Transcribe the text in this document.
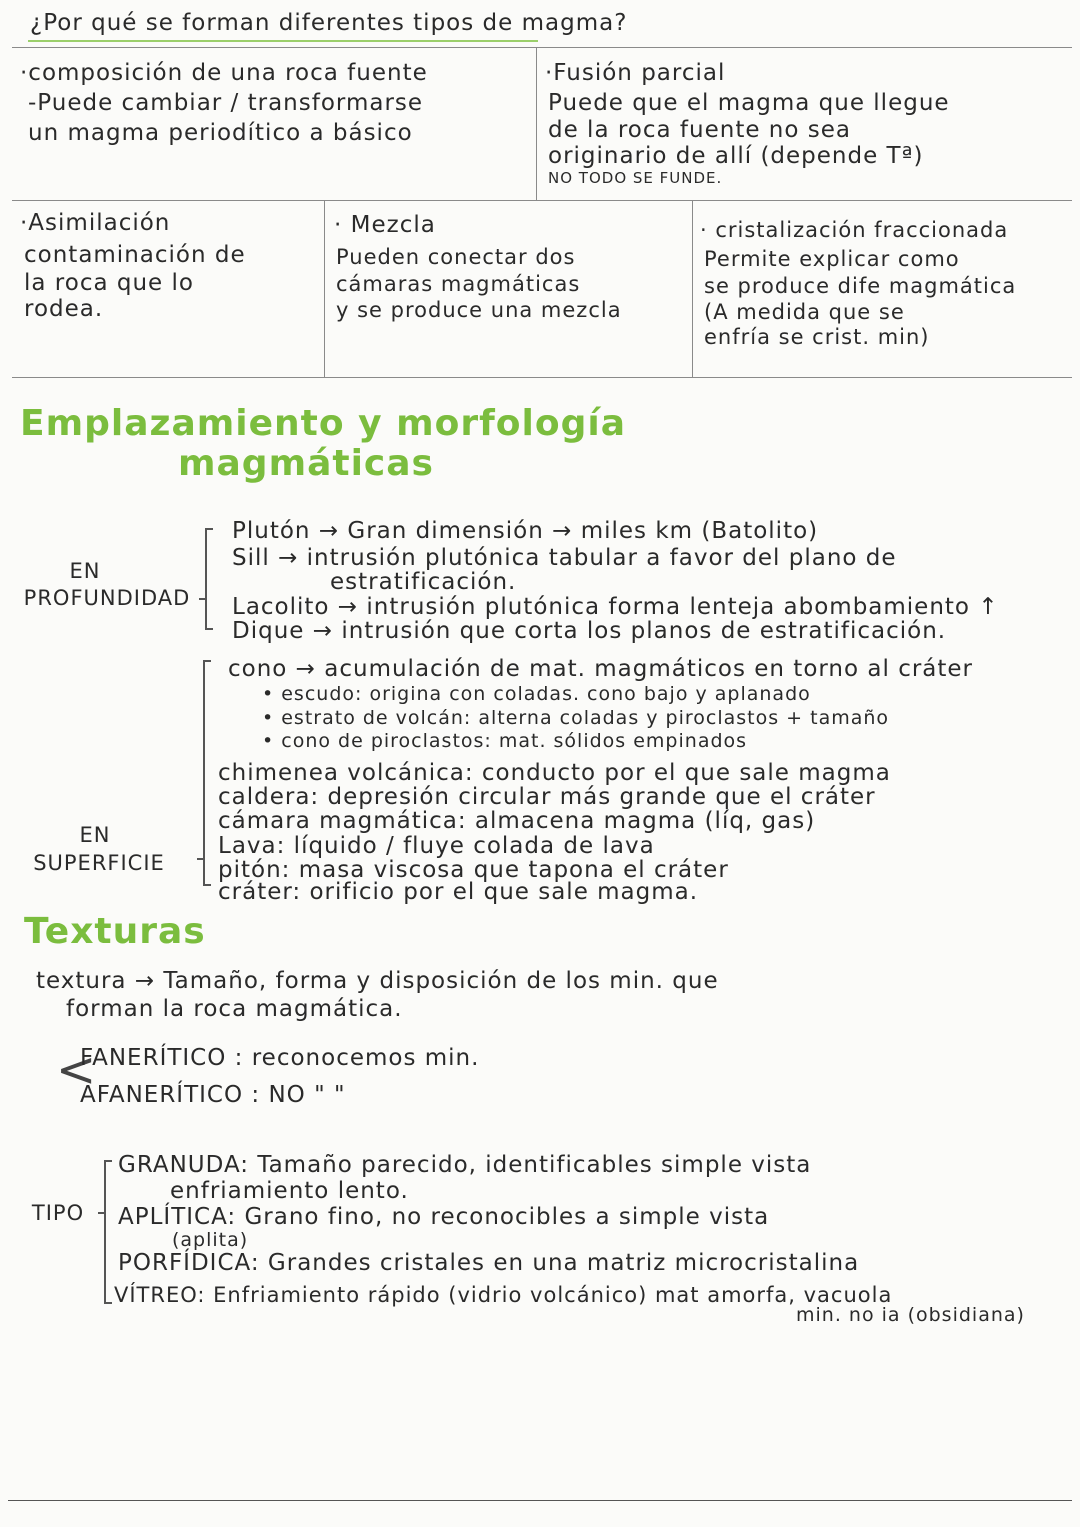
¿Por qué se forman diferentes tipos de magma?
·composición de una roca fuente
-Puede cambiar / transformarse
un magma periodítico a básico
·Fusión parcial
Puede que el magma que llegue
de la roca fuente no sea
originario de allí (depende Tª)
NO TODO SE FUNDE.
·Asimilación
contaminación de
la roca que lo
rodea.
· Mezcla
Pueden conectar dos
cámaras magmáticas
y se produce una mezcla
· cristalización fraccionada
Permite explicar como
se produce dife magmática
(A medida que se
enfría se crist. min)
Emplazamiento y morfología
magmáticas
EN
PROFUNDIDAD
Plutón → Gran dimensión → miles km (Batolito)
Sill → intrusión plutónica tabular a favor del plano de
estratificación.
Lacolito → intrusión plutónica forma lenteja abombamiento ↑
Dique → intrusión que corta los planos de estratificación.
EN
SUPERFICIE
cono → acumulación de mat. magmáticos en torno al cráter
• escudo: origina con coladas. cono bajo y aplanado
• estrato de volcán: alterna coladas y piroclastos + tamaño
• cono de piroclastos: mat. sólidos empinados
chimenea volcánica: conducto por el que sale magma
caldera: depresión circular más grande que el cráter
cámara magmática: almacena magma (líq, gas)
Lava: líquido / fluye colada de lava
pitón: masa viscosa que tapona el cráter
cráter: orificio por el que sale magma.
Texturas
textura → Tamaño, forma y disposición de los min. que
forman la roca magmática.
<
FANERÍTICO : reconocemos min.
AFANERÍTICO : NO " "
TIPO
GRANUDA: Tamaño parecido, identificables simple vista
enfriamiento lento.
APLÍTICA: Grano fino, no reconocibles a simple vista
(aplita)
PORFÍDICA: Grandes cristales en una matriz microcristalina
VÍTREO: Enfriamiento rápido (vidrio volcánico) mat amorfa, vacuola
min. no ia (obsidiana)
